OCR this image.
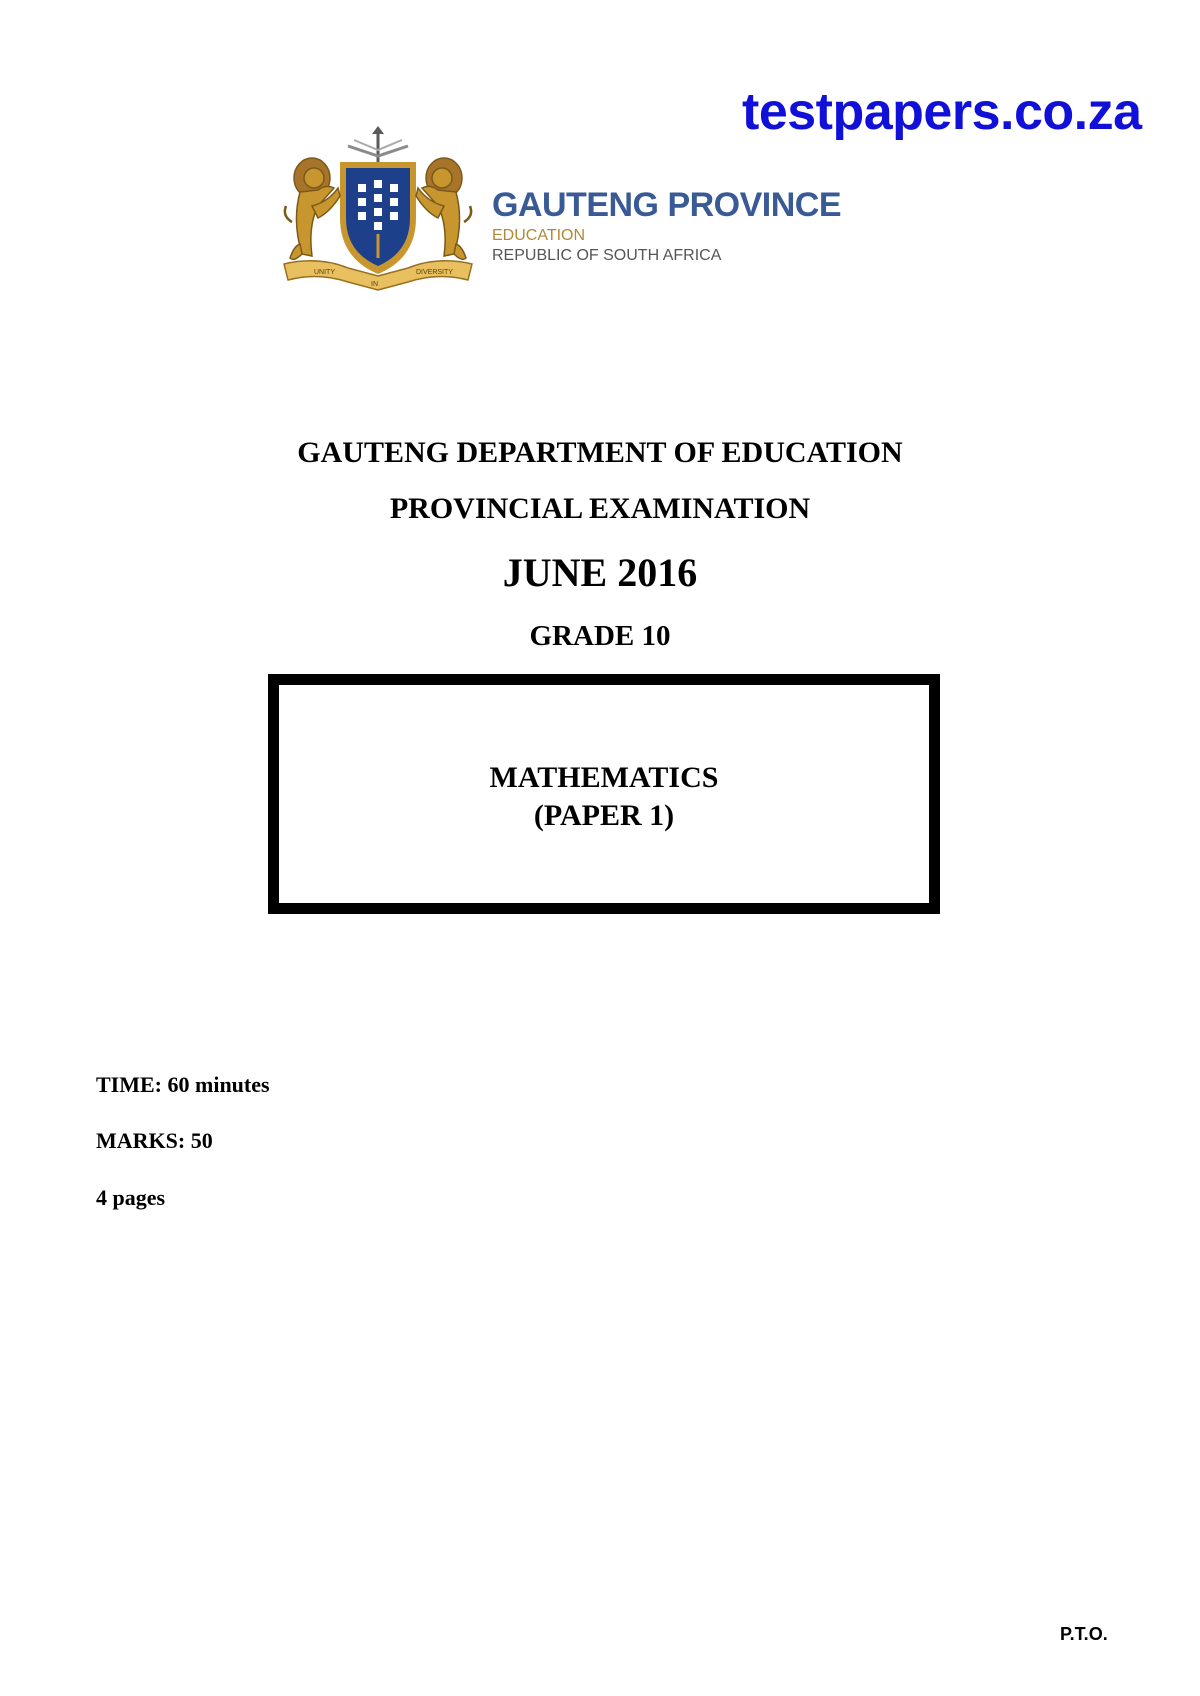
testpapers.co.za
UNITY
IN
DIVERSITY
GAUTENG PROVINCE
EDUCATION
REPUBLIC OF SOUTH AFRICA
GAUTENG DEPARTMENT OF EDUCATION
PROVINCIAL EXAMINATION
JUNE 2016
GRADE 10
MATHEMATICS
(PAPER 1)
TIME: 60 minutes
MARKS: 50
4 pages
P.T.O.
